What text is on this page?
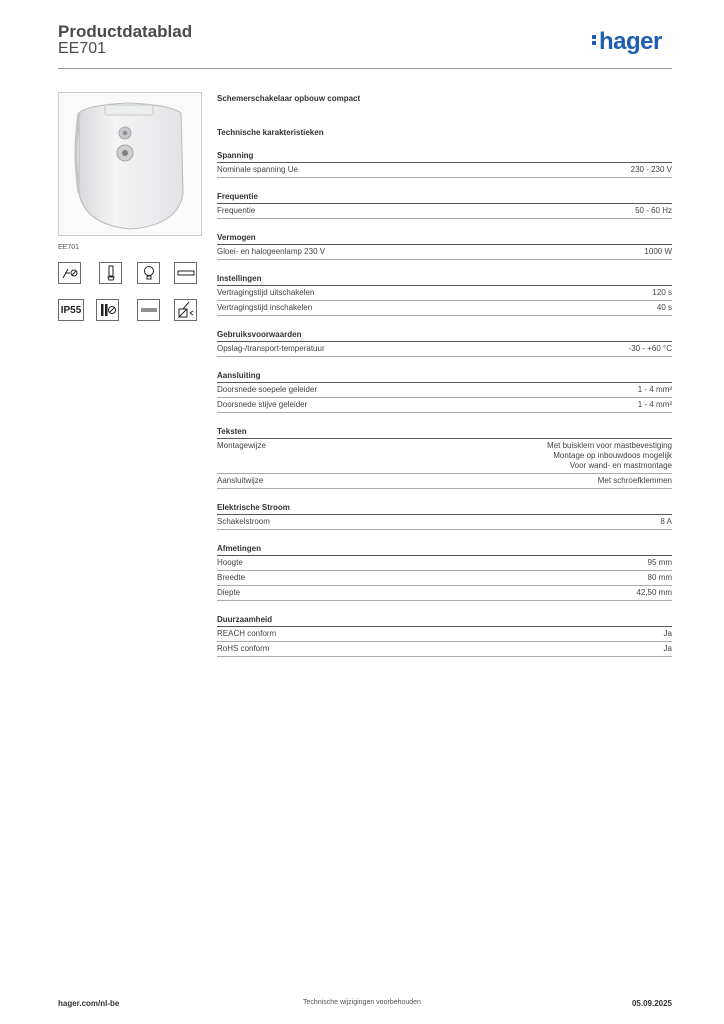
Productdatablad
EE701	hager
EE701
IP55
Schemerschakelaar opbouw compact
Technische karakteristieken
Spanning
Nominale spanning Ue	230 - 230 V
Frequentie
Frequentie	50 - 60 Hz
Vermogen
Gloei- en halogeenlamp 230 V	1000 W
Instellingen
Vertragingstijd uitschakelen	120 s
Vertragingstijd inschakelen	40 s
Gebruiksvoorwaarden
Opslag-/transport-temperatuur	-30 - +60 °C
Aansluiting
Doorsnede soepele geleider	1 - 4 mm²
Doorsnede stijve geleider	1 - 4 mm²
Teksten
Montagewijze	Met buisklem voor mastbevestiging
Montage op inbouwdoos mogelijk
Voor wand- en mastmontage
Aansluitwijze	Met schroefklemmen
Elektrische Stroom
Schakelstroom	8 A
Afmetingen
Hoogte	95 mm
Breedte	80 mm
Diepte	42,50 mm
Duurzaamheid
REACH conform	Ja
RoHS conform	Ja
hager.com/nl-be	Technische wijzigingen voorbehouden	05.09.2025
